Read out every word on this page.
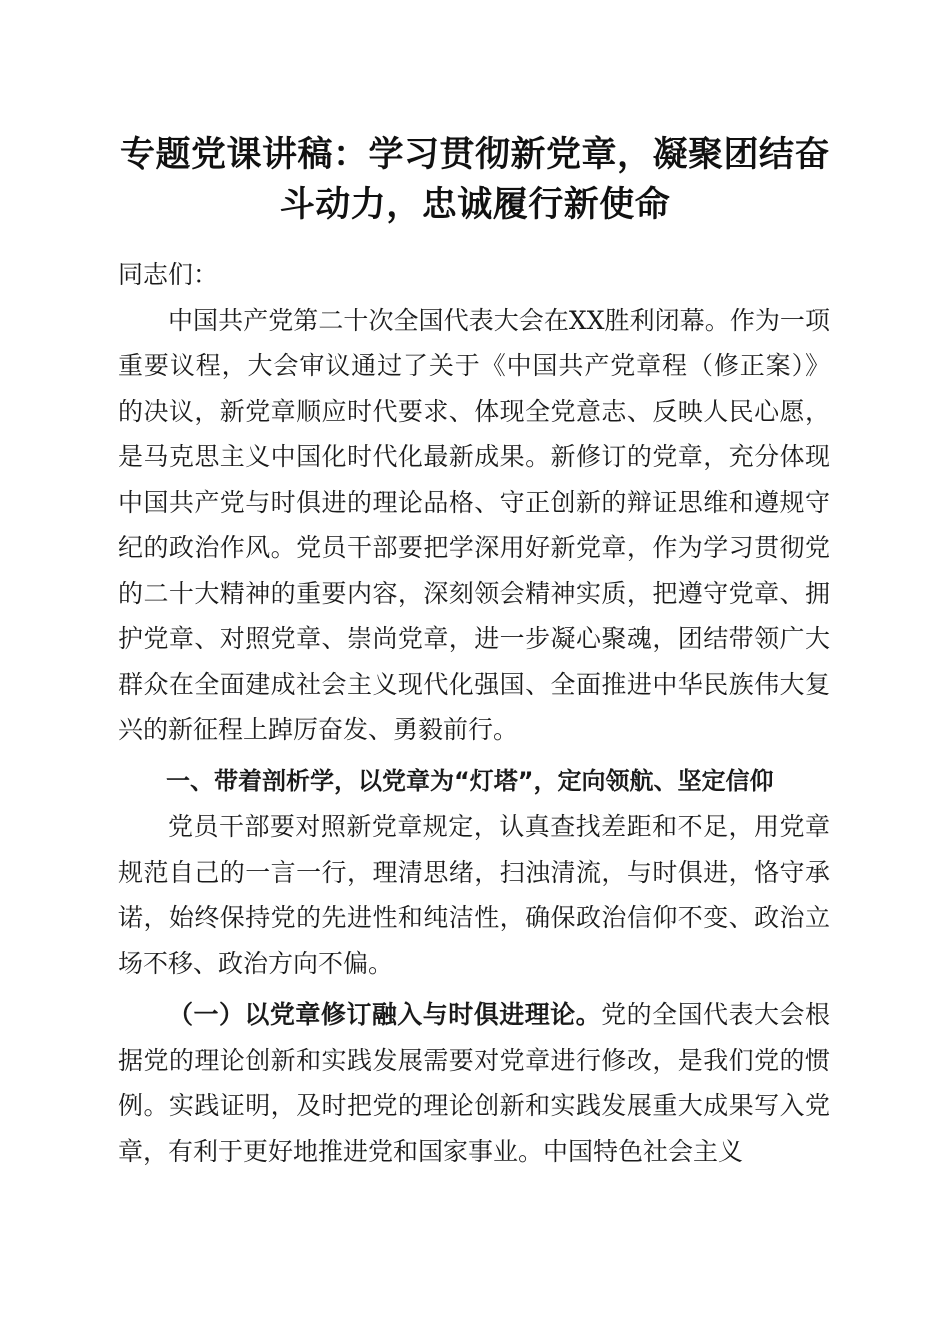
专题党课讲稿：学习贯彻新党章，凝聚团结奋
斗动力，忠诚履行新使命

同志们：

中国共产党第二十次全国代表大会在XX胜利闭幕。作为一项重要议程，大会审议通过了关于《中国共产党章程（修正案）》的决议，新党章顺应时代要求、体现全党意志、反映人民心愿，是马克思主义中国化时代化最新成果。新修订的党章，充分体现中国共产党与时俱进的理论品格、守正创新的辩证思维和遵规守纪的政治作风。党员干部要把学深用好新党章，作为学习贯彻党的二十大精神的重要内容，深刻领会精神实质，把遵守党章、拥护党章、对照党章、崇尚党章，进一步凝心聚魂，团结带领广大群众在全面建成社会主义现代化强国、全面推进中华民族伟大复兴的新征程上踔厉奋发、勇毅前行。

一、带着剖析学，以党章为“灯塔”，定向领航、坚定信仰

党员干部要对照新党章规定，认真查找差距和不足，用党章规范自己的一言一行，理清思绪，扫浊清流，与时俱进，恪守承诺，始终保持党的先进性和纯洁性，确保政治信仰不变、政治立场不移、政治方向不偏。

（一）以党章修订融入与时俱进理论。党的全国代表大会根据党的理论创新和实践发展需要对党章进行修改，是我们党的惯例。实践证明，及时把党的理论创新和实践发展重大成果写入党章，有利于更好地推进党和国家事业。中国特色社会主义
